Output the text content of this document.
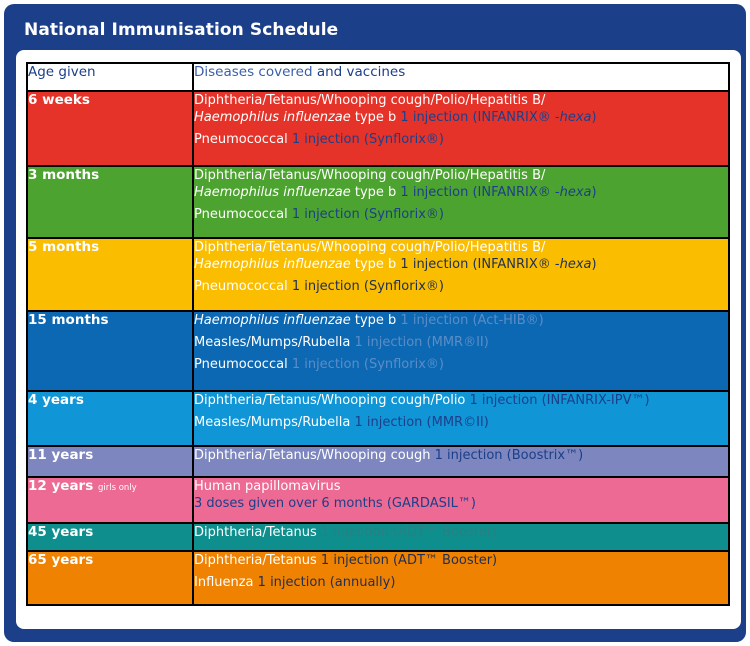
National Immunisation Schedule
Age given	Diseases covered and vaccines
6 weeks	Diphtheria/Tetanus/Whooping cough/Polio/Hepatitis B/
Haemophilus influenzae type b 1 injection (INFANRIX® -hexa)
Pneumococcal 1 injection (Synflorix®)

3 months	Diphtheria/Tetanus/Whooping cough/Polio/Hepatitis B/
Haemophilus influenzae type b 1 injection (INFANRIX® -hexa)
Pneumococcal 1 injection (Synflorix®)

5 months	Diphtheria/Tetanus/Whooping cough/Polio/Hepatitis B/
Haemophilus influenzae type b 1 injection (INFANRIX® -hexa)
Pneumococcal 1 injection (Synflorix®)

15 months	Haemophilus influenzae type b 1 injection (Act-HIB®)
Measles/Mumps/Rubella 1 injection (MMR®II)
Pneumococcal 1 injection (Synflorix®)

4 years	Diphtheria/Tetanus/Whooping cough/Polio 1 injection (INFANRIX-IPV™)
Measles/Mumps/Rubella 1 injection (MMR©II)

11 years	Diphtheria/Tetanus/Whooping cough 1 injection (Boostrix™)

12 years girls only	Human papillomavirus
3 doses given over 6 months (GARDASIL™)

45 years	Diphtheria/Tetanus 1 injection (ADT™ Booster)

65 years	Diphtheria/Tetanus 1 injection (ADT™ Booster)
Influenza 1 injection (annually)
